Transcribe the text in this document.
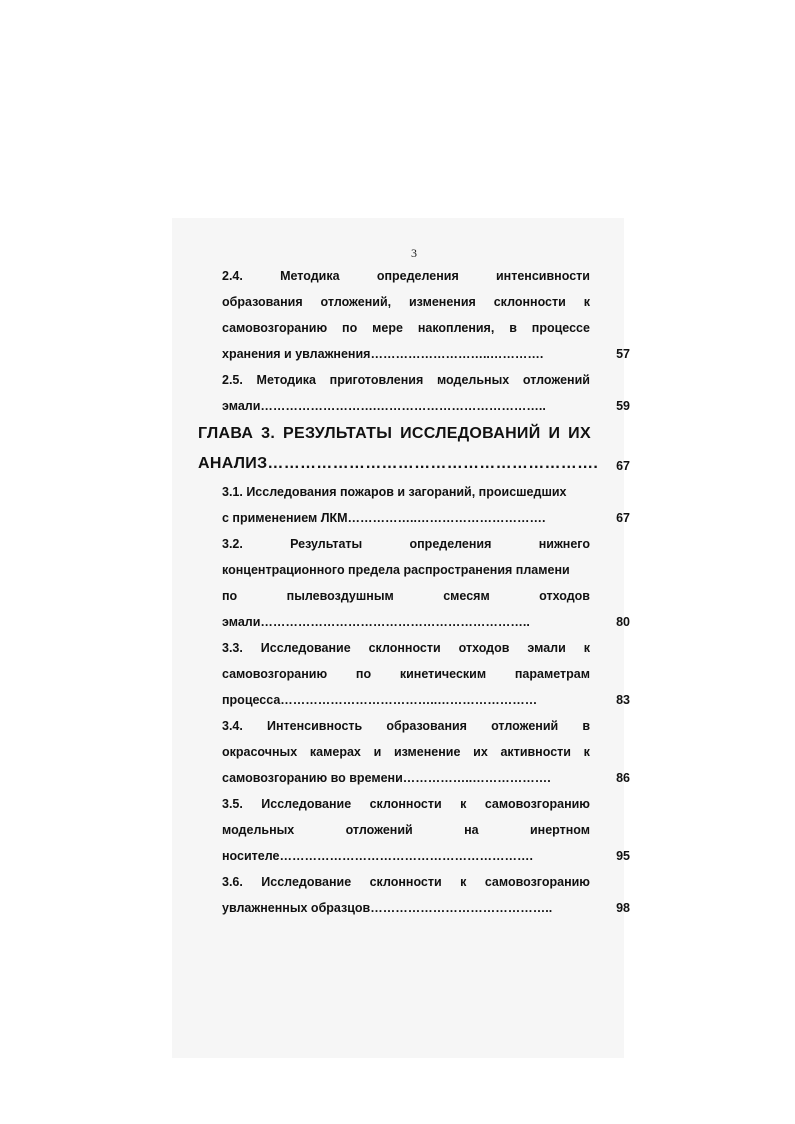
3
2.4.	Методика	определения	интенсивности
образования отложений, изменения склонности к
самовозгоранию по мере накопления, в процессе
хранения и увлажнения………………………..………….	57
2.5. Методика приготовления модельных отложений
эмали……………………….…………………………………..	59
ГЛАВА 3. РЕЗУЛЬТАТЫ ИССЛЕДОВАНИЙ И ИХ
АНАЛИЗ…………………………………………………….	67
3.1. Исследования пожаров и загораний, происшедших
с применением ЛКМ……………..………………………….	67
3.2.	Результаты	определения	нижнего
концентрационного предела распространения пламени
по	пылевоздушным	смесям	отходов
эмали………………………………………………………..	80
3.3. Исследование склонности отходов эмали к
самовозгоранию по кинетическим параметрам
процесса………………………………..……………………	83
3.4. Интенсивность образования отложений в
окрасочных камерах и изменение их активности к
самовозгоранию во времени……………..……………….	86
3.5. Исследование склонности к самовозгоранию
модельных	отложений	на	инертном
носителе…………………………………………………….	95
3.6. Исследование склонности к самовозгоранию
увлажненных образцов……………………………………..	98
